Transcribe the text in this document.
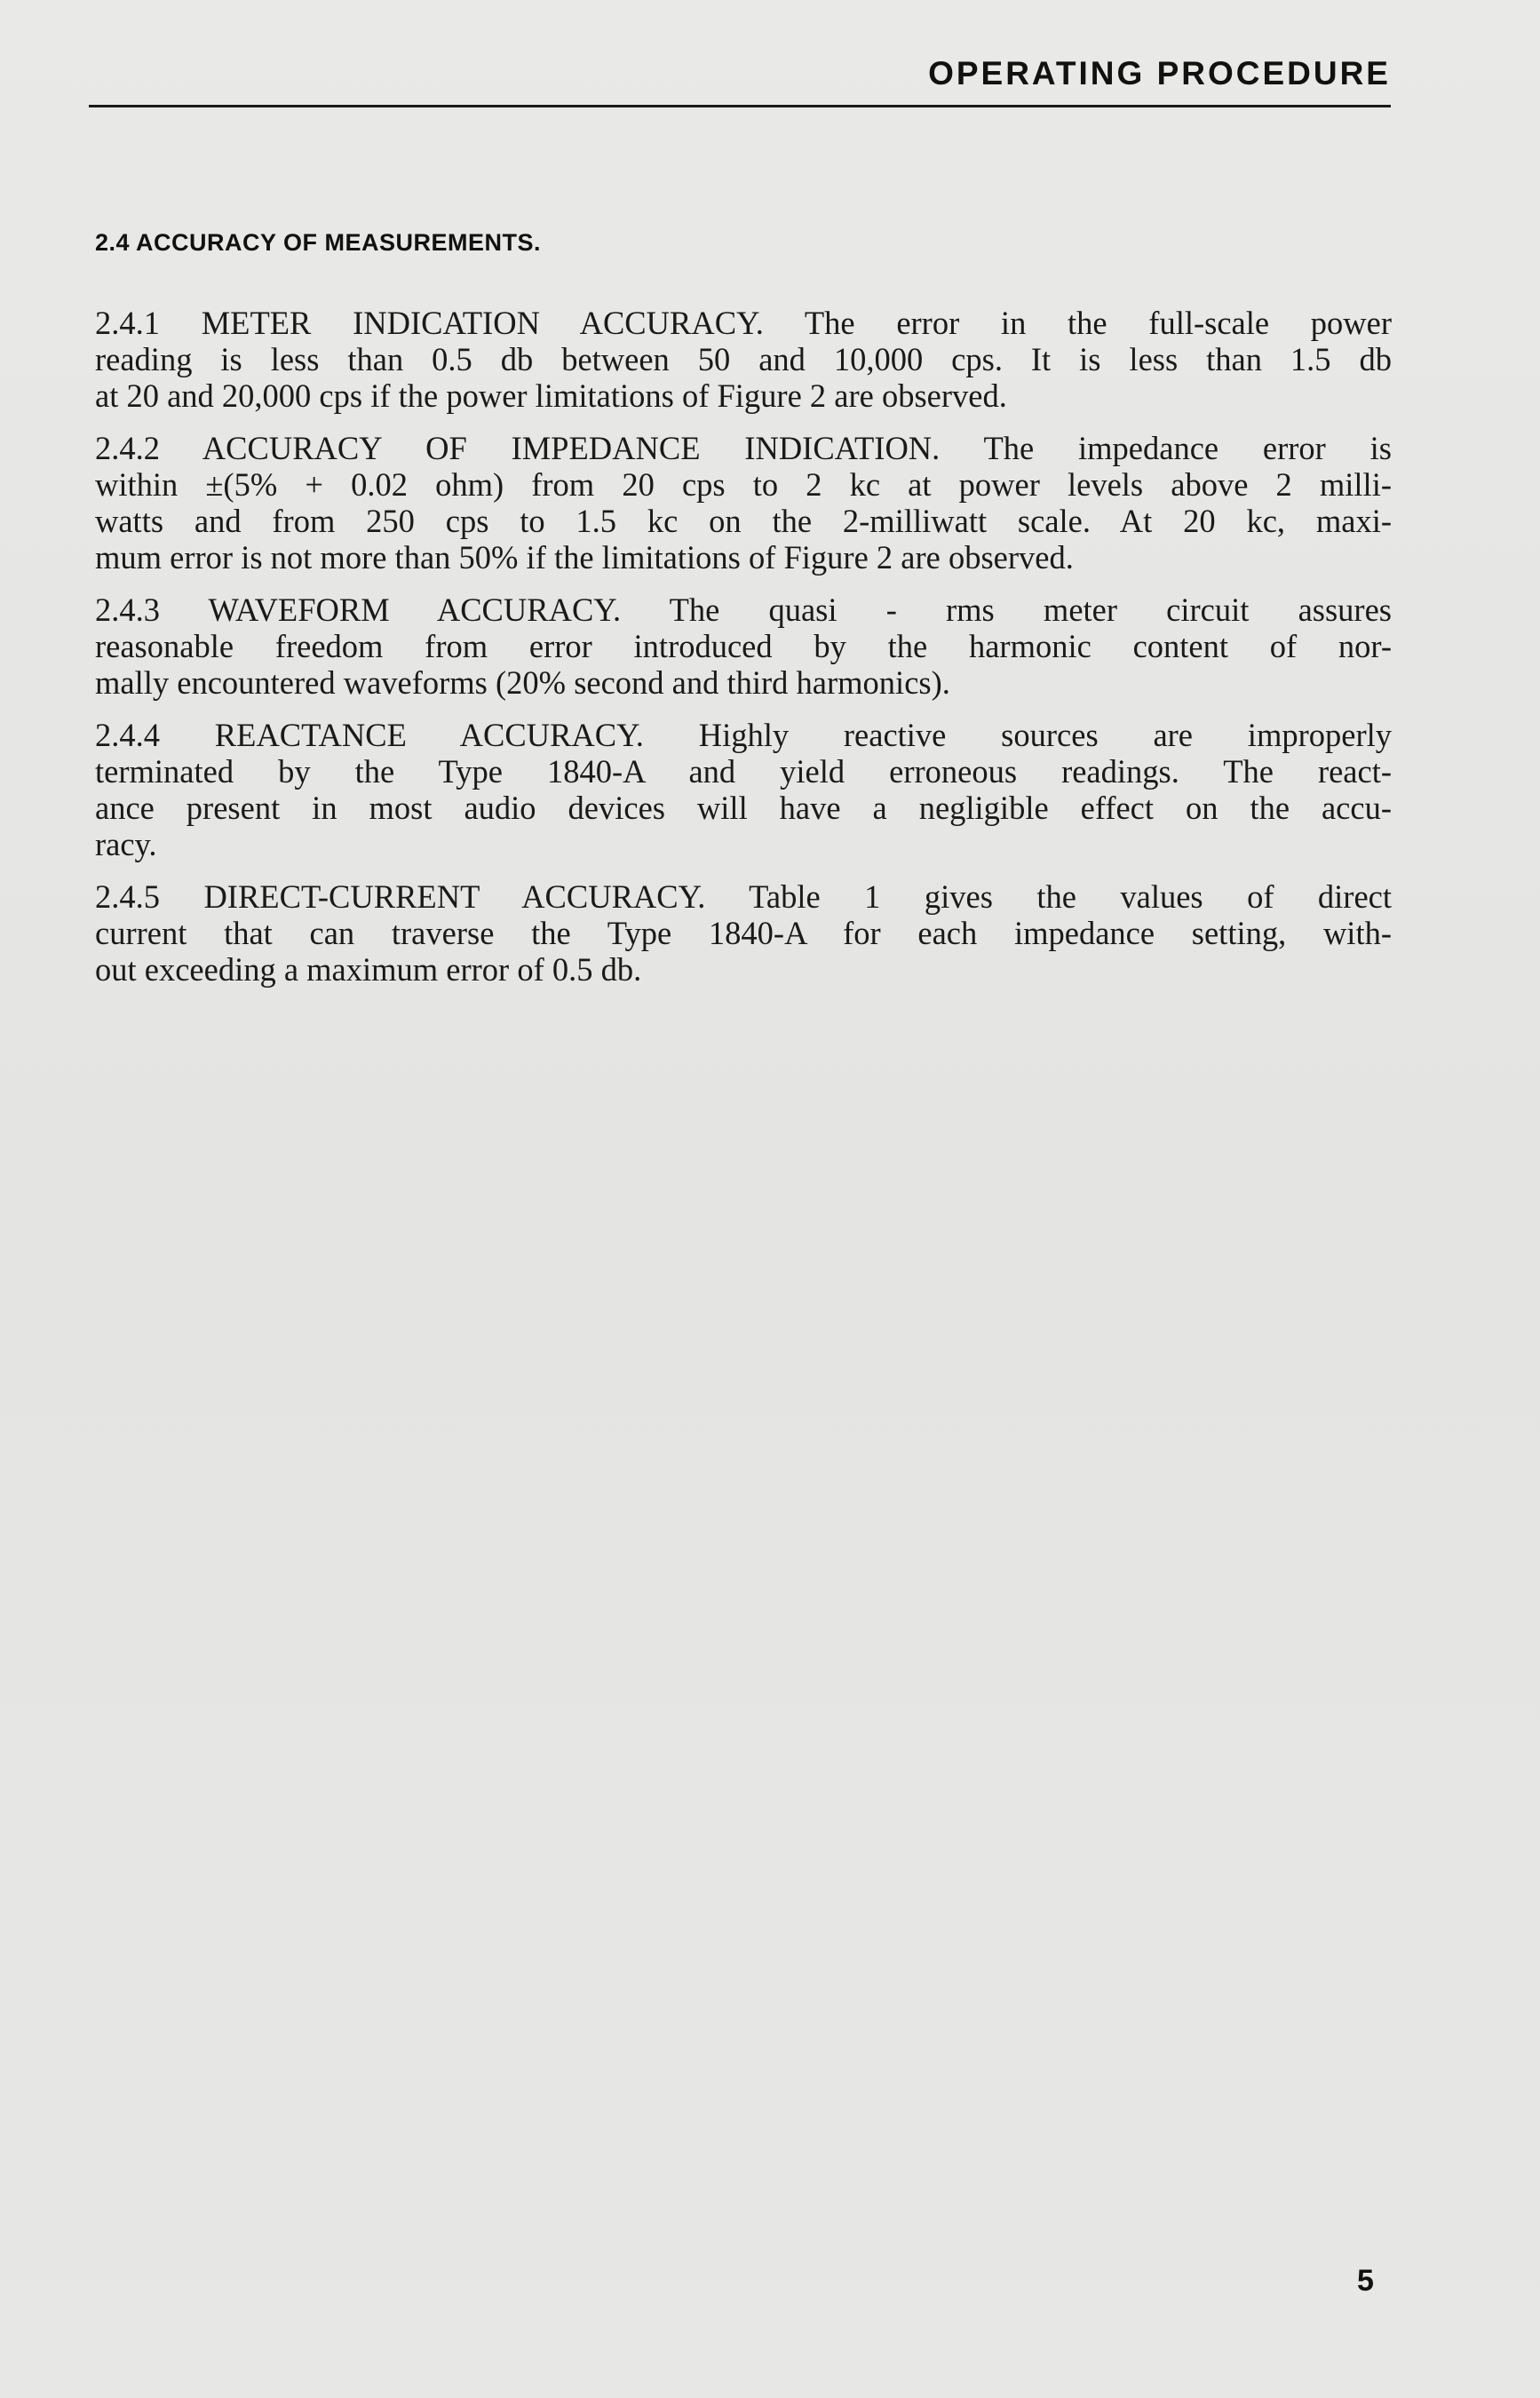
OPERATING PROCEDURE
2.4 ACCURACY OF MEASUREMENTS.

2.4.1 METER INDICATION ACCURACY. The error in the full-scale power
reading is less than 0.5 db between 50 and 10,000 cps. It is less than 1.5 db
at 20 and 20,000 cps if the power limitations of Figure 2 are observed.

2.4.2 ACCURACY OF IMPEDANCE INDICATION. The impedance error is
within ±(5% + 0.02 ohm) from 20 cps to 2 kc at power levels above 2 milli-
watts and from 250 cps to 1.5 kc on the 2-milliwatt scale. At 20 kc, maxi-
mum error is not more than 50% if the limitations of Figure 2 are observed.

2.4.3 WAVEFORM ACCURACY. The quasi - rms meter circuit assures
reasonable freedom from error introduced by the harmonic content of nor-
mally encountered waveforms (20% second and third harmonics).

2.4.4 REACTANCE ACCURACY. Highly reactive sources are improperly
terminated by the Type 1840-A and yield erroneous readings. The react-
ance present in most audio devices will have a negligible effect on the accu-
racy.

2.4.5 DIRECT-CURRENT ACCURACY. Table 1 gives the values of direct
current that can traverse the Type 1840-A for each impedance setting, with-
out exceeding a maximum error of 0.5 db.

5
